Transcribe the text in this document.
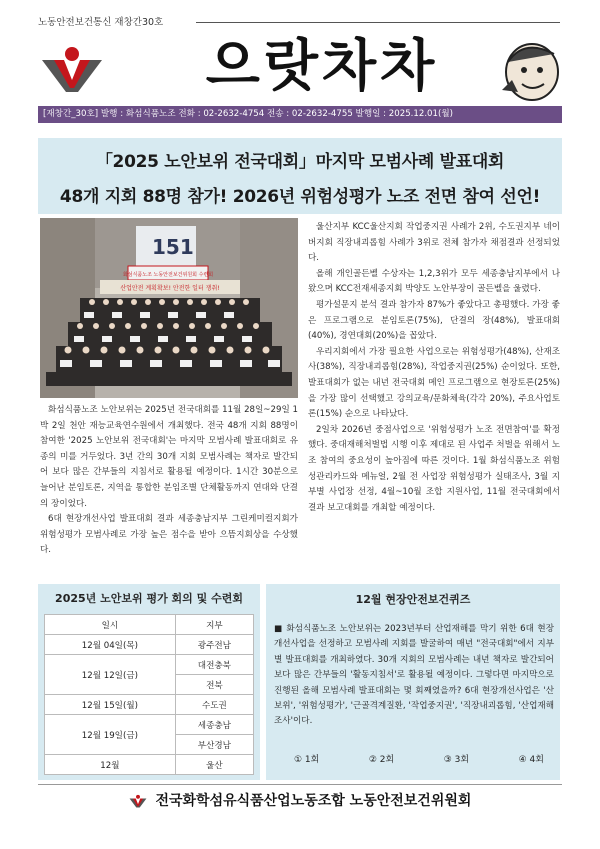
노동안전보건통신 재창간30호
으랏차차
[재창간_30호] 발행 : 화섬식품노조 전화 : 02-2632-4754 전송 : 02-2632-4755 발행일 : 2025.12.01(월)
「2025 노안보위 전국대회」마지막 모범사례 발표대회
48개 지회 88명 참가! 2026년 위험성평가 노조 전면 참여 선언!
151
화섬식품노조 노동안전보건위원회 수련회
산업안전 계획확보! 안전한 일터 쟁취!

화섬식품노조 노안보위는 2025년 전국대회를 11월 28일~29일 1박 2일 천안 재능교육연수원에서 개최했다. 전국 48개 지회 88명이 참여한 '2025 노안보위 전국대회'는 마지막 모범사례 발표대회로 유종의 미를 거두었다. 3년 간의 30개 지회 모범사례는 책자로 발간되어 보다 많은 간부들의 지침서로 활용될 예정이다. 1시간 30분으로 늘어난 분임토론, 지역을 통합한 분임조별 단체활동까지 연대와 단결의 장이었다.

6대 현장개선사업 발표대회 결과 세종충남지부 그린케미컬지회가 위험성평가 모범사례로 가장 높은 점수을 받아 으뜸지회상을 수상했다.

울산지부 KCC울산지회 작업중지권 사례가 2위, 수도권지부 네이버지회 직장내괴롭힘 사례가 3위로 전체 참가자 채점결과 선정되었다.

올해 개인골든벨 수상자는 1,2,3위가 모두 세종충남지부에서 나왔으며 KCC전재세종지회 박양도 노안부장이 골든벨을 울렸다.

평가설문지 분석 결과 참가자 87%가 좋았다고 총평했다. 가장 좋은 프로그램으로 분임토론(75%), 단결의 장(48%), 발표대회(40%), 경연대회(20%)을 꼽았다.

우리지회에서 가장 필요한 사업으로는 위험성평가(48%), 산재조사(38%), 직장내괴롭힘(28%), 작업중지권(25%) 순이었다. 또한, 발표대회가 없는 내년 전국대회 메인 프로그램으로 현장토론(25%)을 가장 많이 선택했고 강의교육/문화체육(각각 20%), 주요사업토론(15%) 순으로 나타났다.

2일차 2026년 중점사업으로 '위험성평가 노조 전면참여'를 확정했다. 중대재해처벌법 시행 이후 제대로 된 사업주 처벌을 위해서 노조 참여의 중요성이 높아짐에 따른 것이다. 1월 화섬식품노조 위험성관리카드와 메뉴얼, 2월 전 사업장 위험성평가 실태조사, 3월 지부별 사업장 선정, 4월~10월 조합 지원사업, 11월 전국대회에서 결과 보고대회를 개최할 예정이다.

2025년 노안보위 평가 회의 및 수련회
일시	지부
12월 04일(목)	광주전남
12월 12일(금)	대전충북
	전북
12월 15일(월)	수도권
12월 19일(금)	세종충남
	부산경남
12월	울산
12월 현장안전보건퀴즈
■ 화섬식품노조 노안보위는 2023년부터 산업재해를 막기 위한 6대 현장개선사업을 선정하고 모범사례 지회를 발굴하여 매년 "전국대회"에서 지부별 발표대회를 개최하였다. 30개 지회의 모범사례는 내년 책자로 발간되어 보다 많은 간부들의 '활동지침서'로 활용될 예정이다. 그렇다면 마지막으로 진행된 올해 모범사례 발표대회는 몇 회째였을까? 6대 현장개선사업은 '산보위', '위험성평가', '근골격계질환, '작업중지권', '직장내괴롭힘, '산업재해조사'이다.
① 1회	② 2회	③ 3회	④ 4회
전국화학섬유식품산업노동조합 노동안전보건위원회
